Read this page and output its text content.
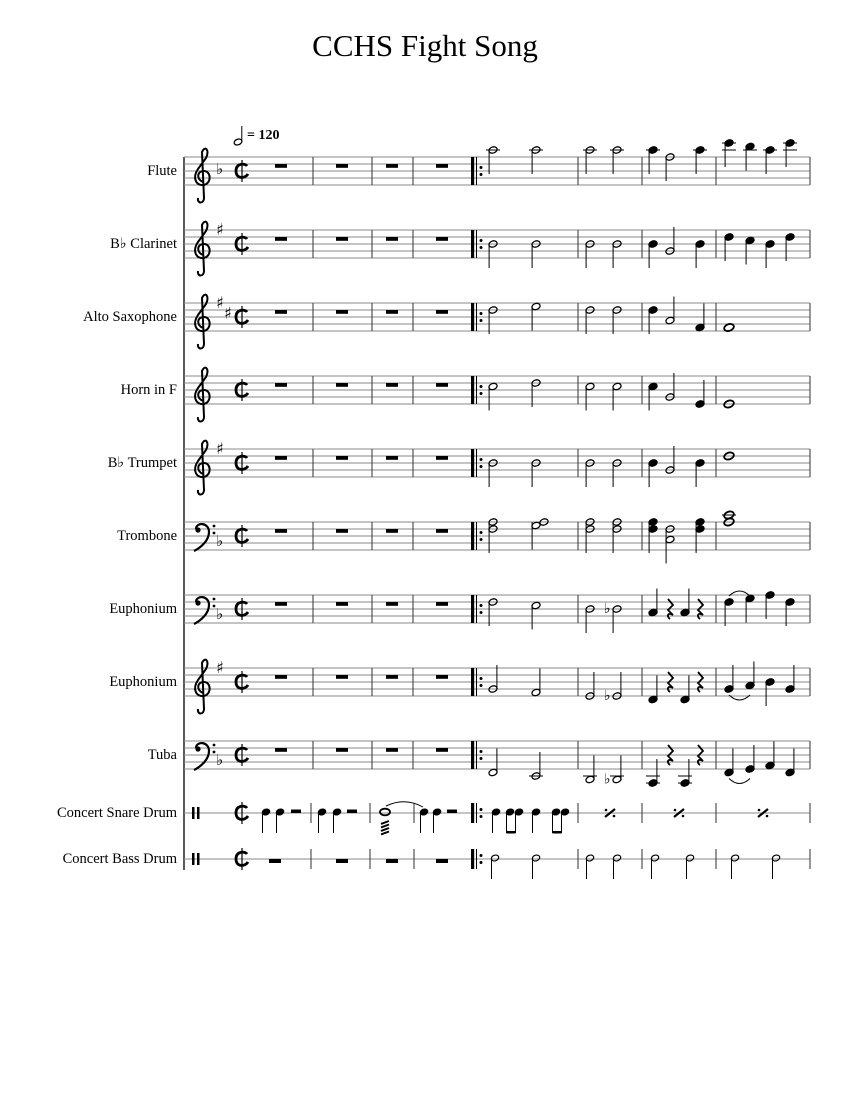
CCHS Fight Song
= 120
Flute
B♭ Clarinet
Alto Saxophone
Horn in F
B♭ Trumpet
Trombone
Euphonium
Euphonium
Tuba
Concert Snare Drum
Concert Bass Drum
♭
♯
♯
♯
♯
♭
♭	♭
♯
♭
♭
♭
